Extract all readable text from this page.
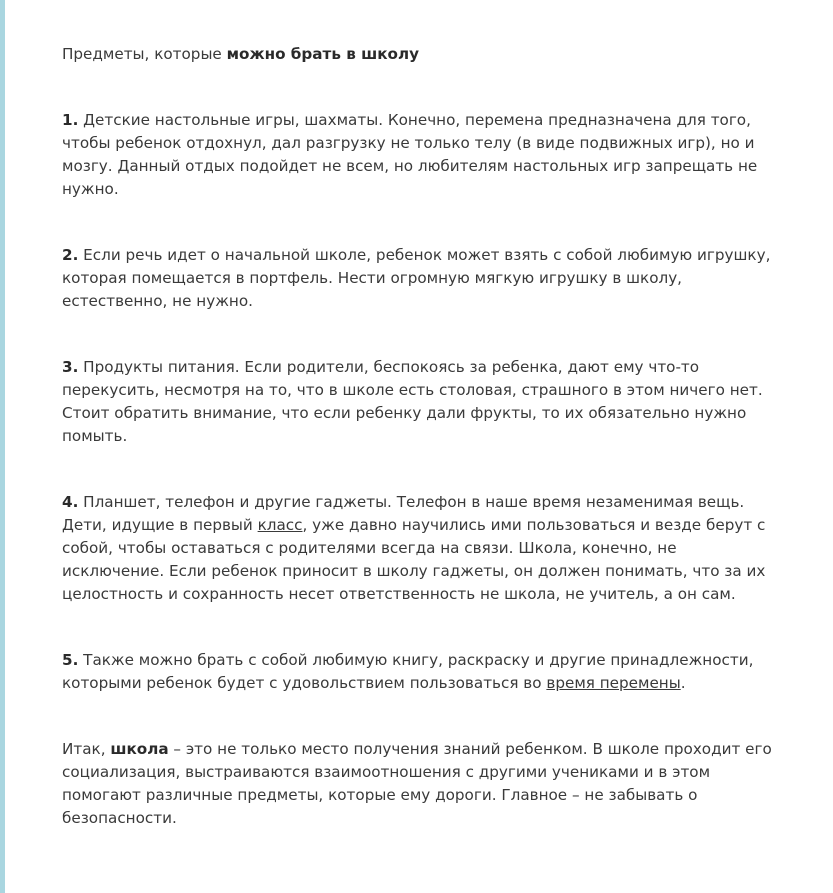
Предметы, которые можно брать в школу

1. Детские настольные игры, шахматы. Конечно, перемена предназначена для того, чтобы ребенок отдохнул, дал разгрузку не только телу (в виде подвижных игр), но и мозгу. Данный отдых подойдет не всем, но любителям настольных игр запрещать не нужно.

2. Если речь идет о начальной школе, ребенок может взять с собой любимую игрушку, которая помещается в портфель. Нести огромную мягкую игрушку в школу, естественно, не нужно.

3. Продукты питания. Если родители, беспокоясь за ребенка, дают ему что-то перекусить, несмотря на то, что в школе есть столовая, страшного в этом ничего нет. Стоит обратить внимание, что если ребенку дали фрукты, то их обязательно нужно помыть.

4. Планшет, телефон и другие гаджеты. Телефон в наше время незаменимая вещь. Дети, идущие в первый класс, уже давно научились ими пользоваться и везде берут с собой, чтобы оставаться с родителями всегда на связи. Школа, конечно, не исключение. Если ребенок приносит в школу гаджеты, он должен понимать, что за их целостность и сохранность несет ответственность не школа, не учитель, а он сам.

5. Также можно брать с собой любимую книгу, раскраску и другие принадлежности, которыми ребенок будет с удовольствием пользоваться во время перемены.

Итак, школа – это не только место получения знаний ребенком. В школе проходит его социализация, выстраиваются взаимоотношения с другими учениками и в этом помогают различные предметы, которые ему дороги. Главное – не забывать о безопасности.
